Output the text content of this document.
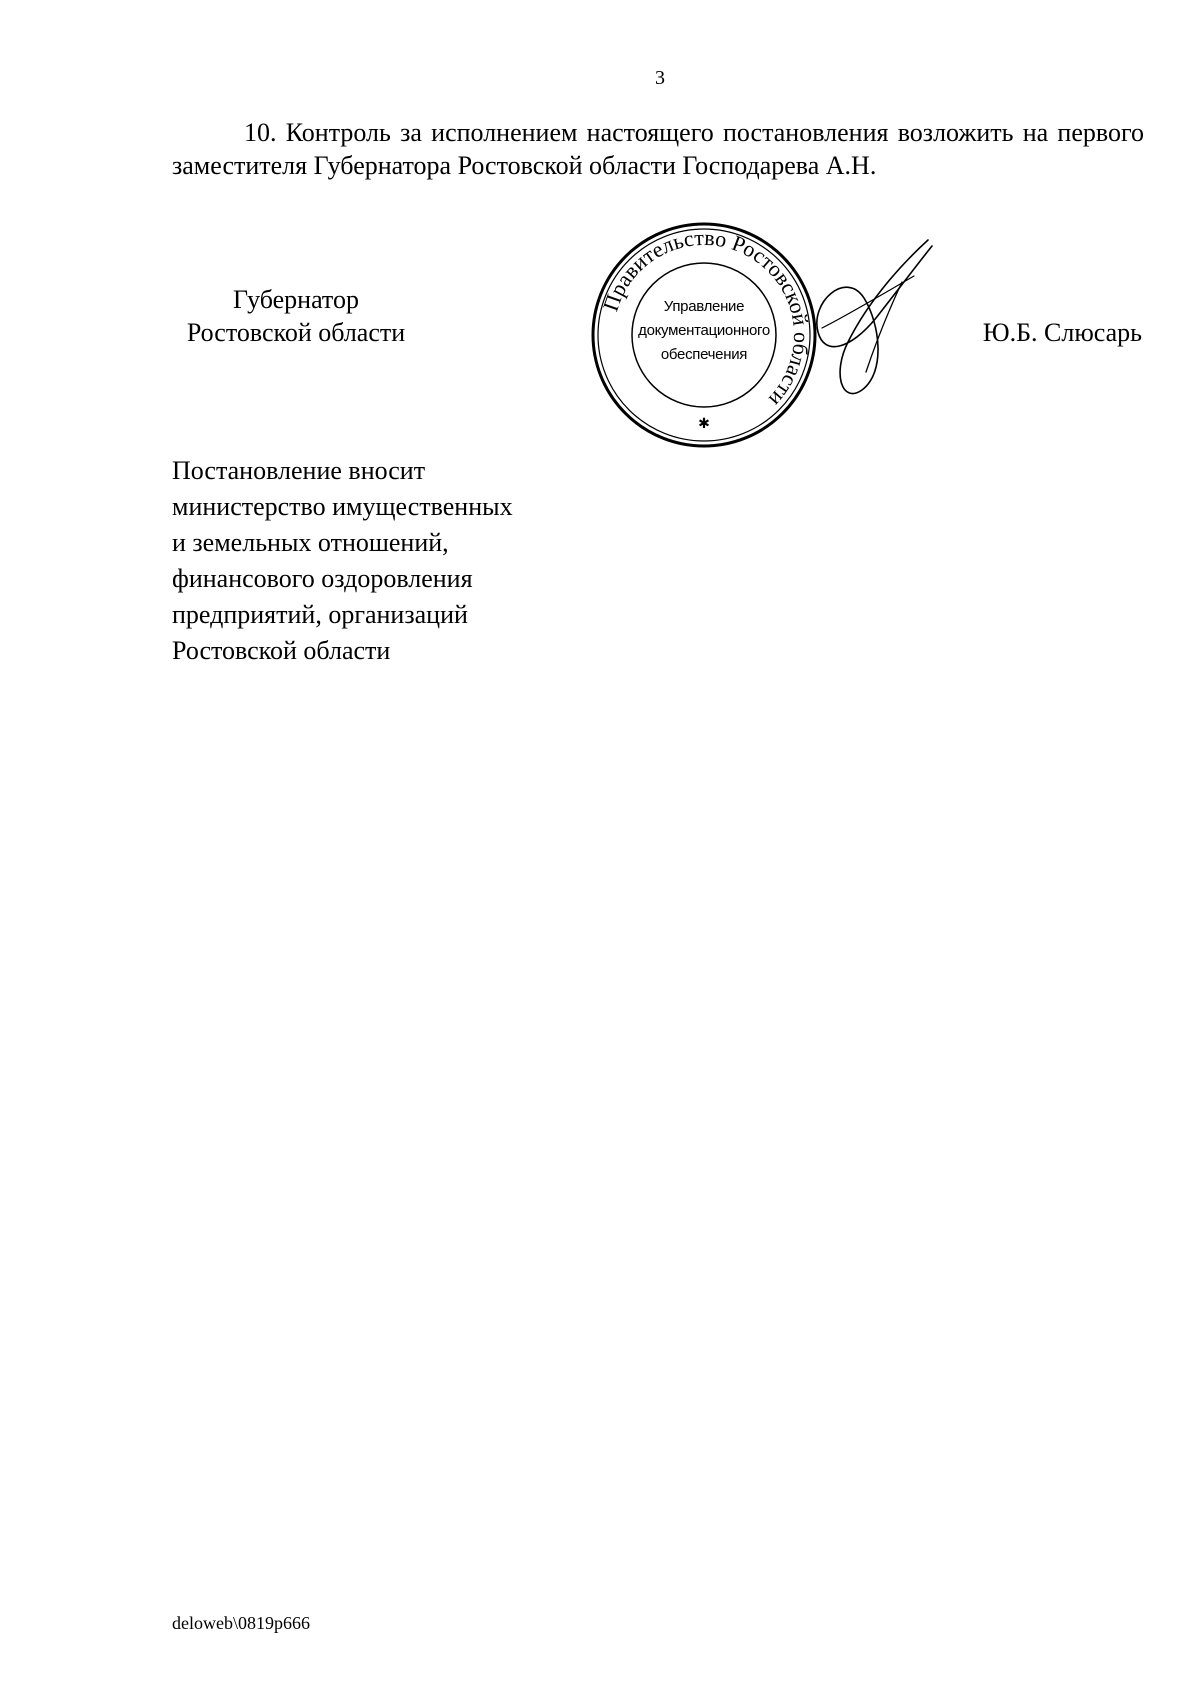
3

10. Контроль за исполнением настоящего постановления возложить на первого заместителя Губернатора Ростовской области Господарева А.Н.

Губернатор
Ростовской области
Правительство Ростовской области
✱
Управление
документационного
обеспечения
Ю.Б. Слюсарь
Постановление вносит
министерство имущественных
и земельных отношений,
финансового оздоровления
предприятий, организаций
Ростовской области
deloweb\0819p666
